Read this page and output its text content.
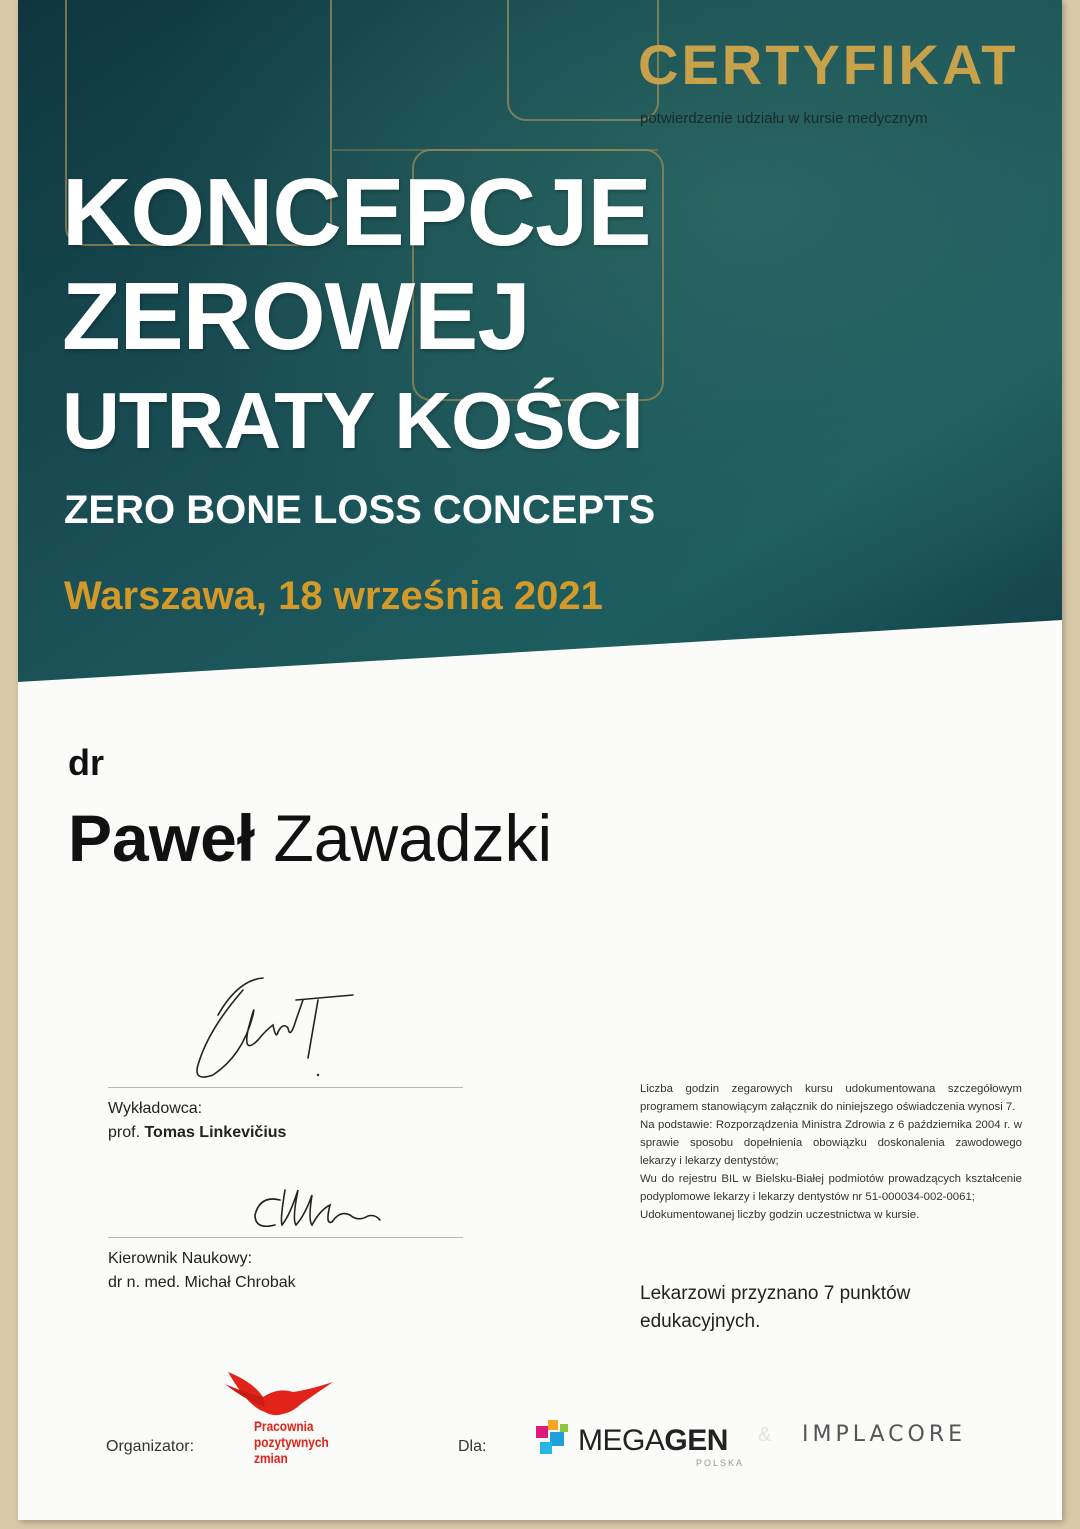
CERTYFIKAT
potwierdzenie udziału w kursie medycznym
KONCEPCJE
ZEROWEJ
UTRATY KOŚCI
ZERO BONE LOSS CONCEPTS
Warszawa, 18 września 2021
dr
Paweł Zawadzki
Wykładowca:
prof. Tomas Linkevičius
Kierownik Naukowy:
dr n. med. Michał Chrobak

Liczba godzin zegarowych kursu udokumentowana szczegółowym programem stanowiącym załącznik do niniejszego oświadczenia wynosi 7.

Na podstawie: Rozporządzenia Ministra Zdrowia z 6 października 2004 r. w sprawie sposobu dopełnienia obowiązku doskonalenia zawodowego lekarzy i lekarzy dentystów;

Wu do rejestru BIL w Bielsku-Białej podmiotów prowadzących kształcenie podyplomowe lekarzy i lekarzy dentystów nr 51-000034-002-0061;

Udokumentowanej liczby godzin uczestnictwa w kursie.

Lekarzowi przyznano 7 punktów edukacyjnych.
Organizator:
Pracownia
pozytywnych
zmian
Dla:	MEGAGEN
POLSKA
& IMPLACORE
